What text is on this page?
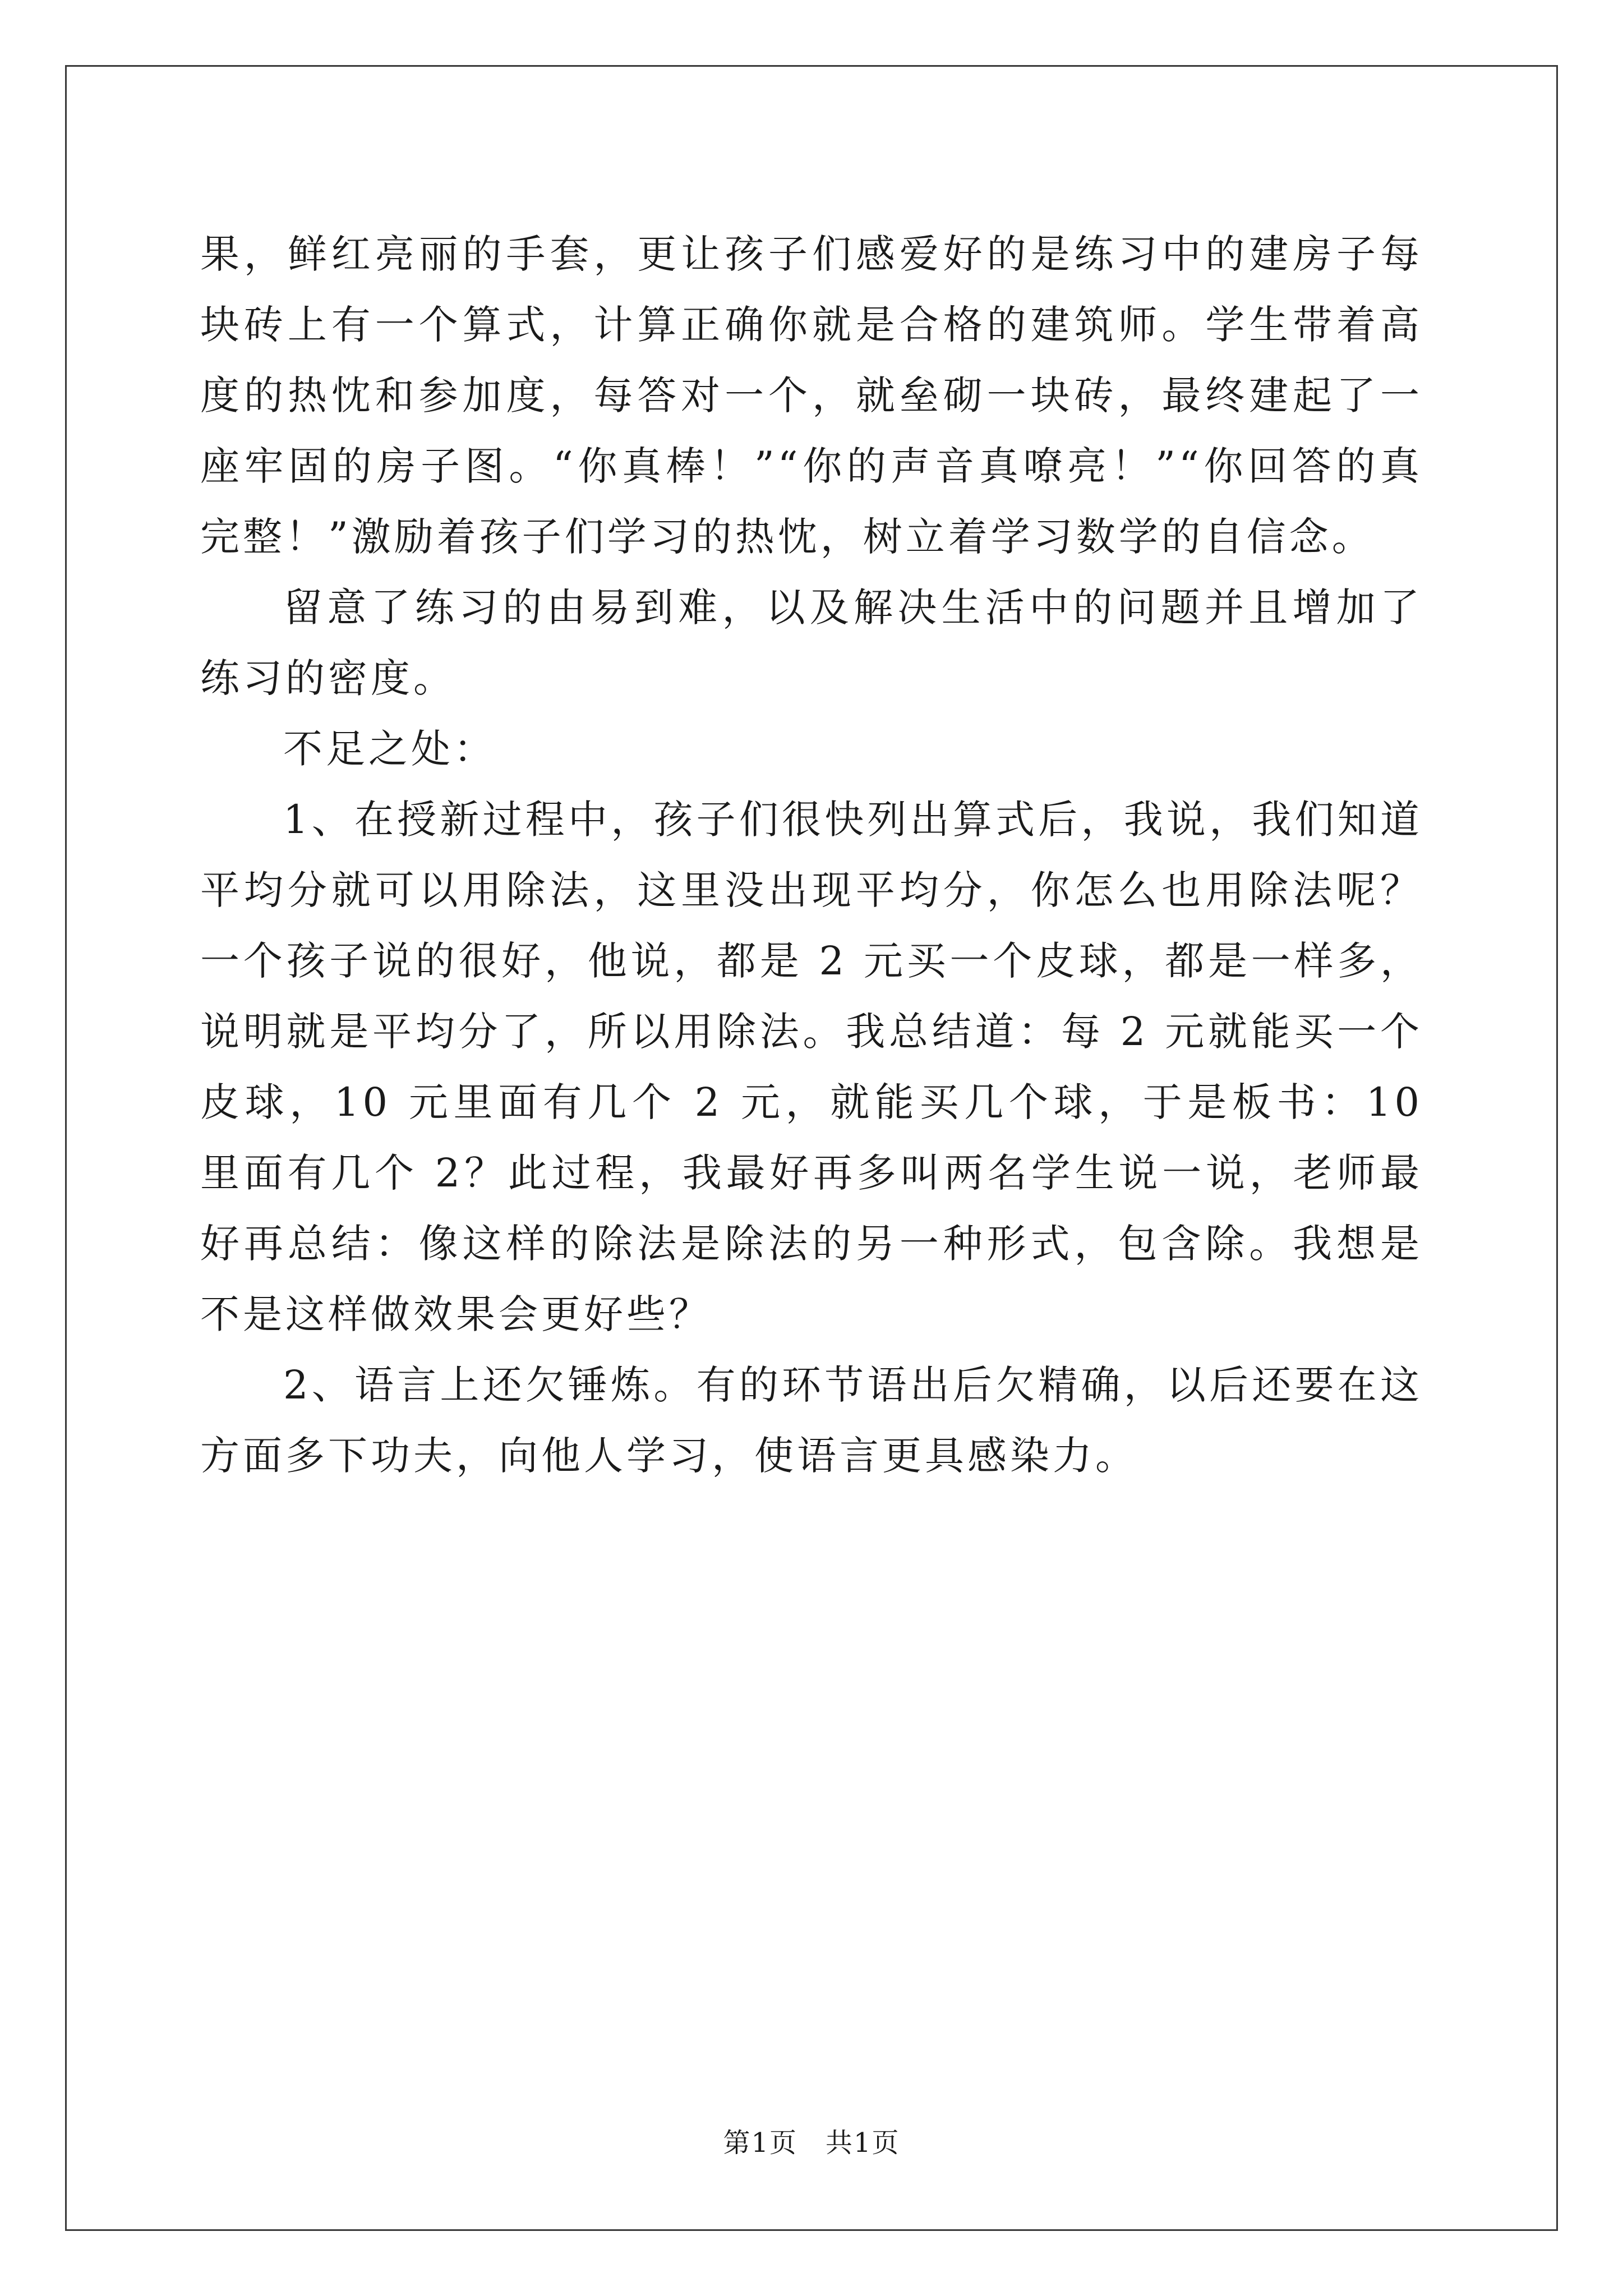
果，鲜红亮丽的手套，更让孩子们感爱好的是练习中的建房子每块砖上有一个算式，计算正确你就是合格的建筑师。学生带着高度的热忱和参加度，每答对一个，就垒砌一块砖，最终建起了一座牢固的房子图。“你真棒！”“你的声音真嘹亮！”“你回答的真完整！”激励着孩子们学习的热忱，树立着学习数学的自信念。

留意了练习的由易到难，以及解决生活中的问题并且增加了练习的密度。

不足之处：

1、在授新过程中，孩子们很快列出算式后，我说，我们知道平均分就可以用除法，这里没出现平均分，你怎么也用除法呢？一个孩子说的很好，他说，都是 2 元买一个皮球，都是一样多，说明就是平均分了，所以用除法。我总结道：每 2 元就能买一个皮球，10 元里面有几个 2 元，就能买几个球，于是板书：10 里面有几个 2？此过程，我最好再多叫两名学生说一说，老师最好再总结：像这样的除法是除法的另一种形式，包含除。我想是不是这样做效果会更好些？

2、语言上还欠锤炼。有的环节语出后欠精确，以后还要在这方面多下功夫，向他人学习，使语言更具感染力。

第1页　共1页
